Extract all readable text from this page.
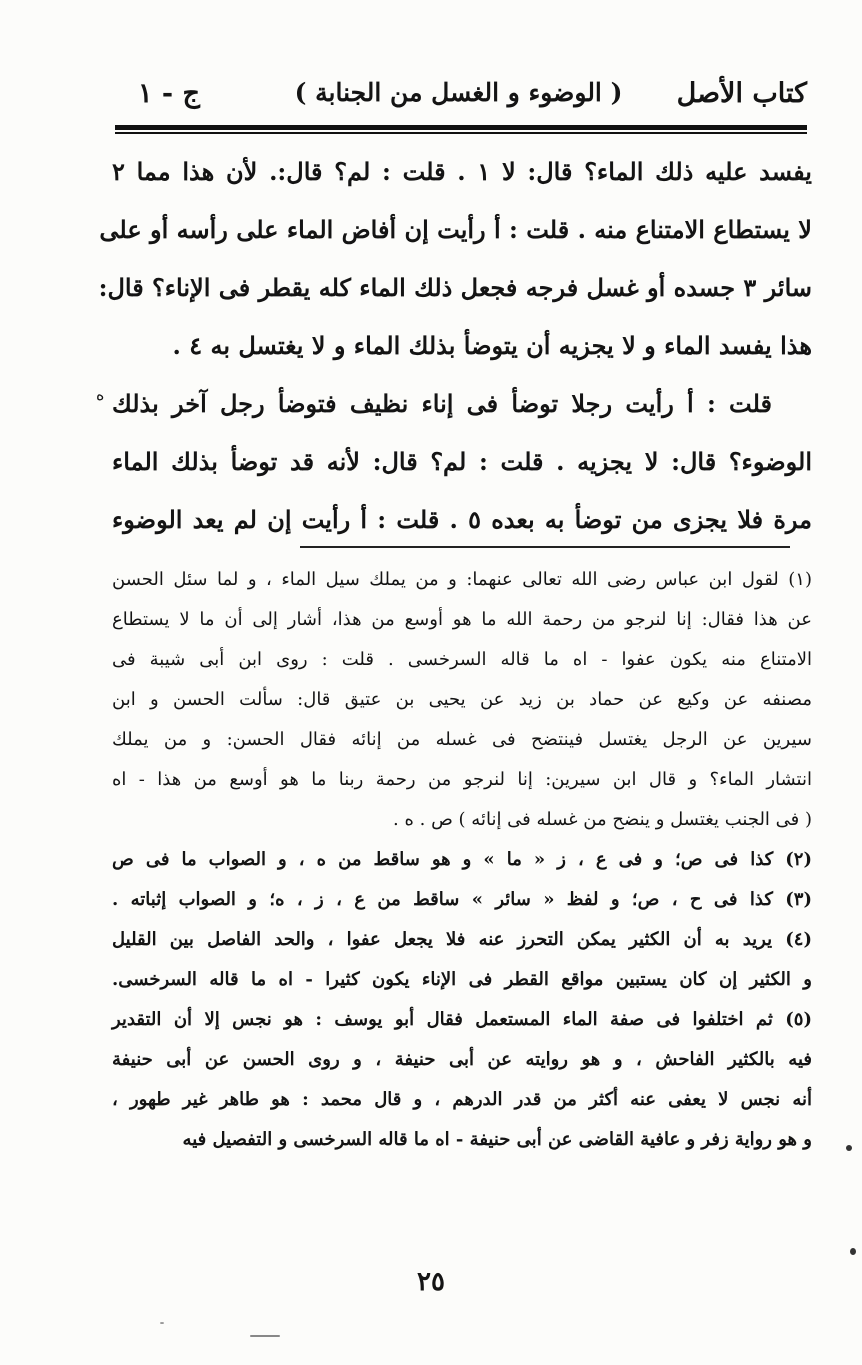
كتاب الأصل
( الوضوء و الغسل من الجنابة )
ج - ١
يفسد عليه ذلك الماء؟ قال: لا ١ . قلت : لم؟ قال:. لأن هذا مما ٢
لا يستطاع الامتناع منه . قلت : أ رأيت إن أفاض الماء على رأسه أو على
سائر ٣ جسده أو غسل فرجه فجعل ذلك الماء كله يقطر فى الإناء؟ قال:
هذا يفسد الماء و لا يجزيه أن يتوضأ بذلك الماء و لا يغتسل به ٤ .
قلت : أ رأيت رجلا توضأ فى إناء نظيف فتوضأ رجل آخر بذلك
الوضوء؟ قال: لا يجزيه . قلت : لم؟ قال: لأنه قد توضأ بذلك الماء
مرة فلا يجزى من توضأ به بعده ٥ . قلت : أ رأيت إن لم يعد الوضوء
ه
(١) لقول ابن عباس رضى الله تعالى عنهما: و من يملك سيل الماء ، و لما سئل الحسن
عن هذا فقال: إنا لنرجو من رحمة الله ما هو أوسع من هذا، أشار إلى أن ما لا يستطاع
الامتناع منه يكون عفوا - اه ما قاله السرخسى . قلت : روى ابن أبى شيبة فى
مصنفه عن وكيع عن حماد بن زيد عن يحيى بن عتيق قال: سألت الحسن و ابن
سيرين عن الرجل يغتسل فينتضح فى غسله من إنائه فقال الحسن: و من يملك
انتشار الماء؟ و قال ابن سيرين: إنا لنرجو من رحمة ربنا ما هو أوسع من هذا - اه
( فى الجنب يغتسل و ينضح من غسله فى إنائه ) ص . ه .
(٢) كذا فى ص؛ و فى ع ، ز « ما » و هو ساقط من ه ، و الصواب ما فى ص
(٣) كذا فى ح ، ص؛ و لفظ « سائر » ساقط من ع ، ز ، ه؛ و الصواب إثباته .
(٤) يريد به أن الكثير يمكن التحرز عنه فلا يجعل عفوا ، والحد الفاصل بين القليل
و الكثير إن كان يستبين مواقع القطر فى الإناء يكون كثيرا - اه ما قاله السرخسى.
(٥) ثم اختلفوا فى صفة الماء المستعمل فقال أبو يوسف : هو نجس إلا أن التقدير
فيه بالكثير الفاحش ، و هو روايته عن أبى حنيفة ، و روى الحسن عن أبى حنيفة
أنه نجس لا يعفى عنه أكثر من قدر الدرهم ، و قال محمد : هو طاهر غير طهور ،
و هو رواية زفر و عافية القاضى عن أبى حنيفة - اه ما قاله السرخسى و التفصيل فيه
٢٥
